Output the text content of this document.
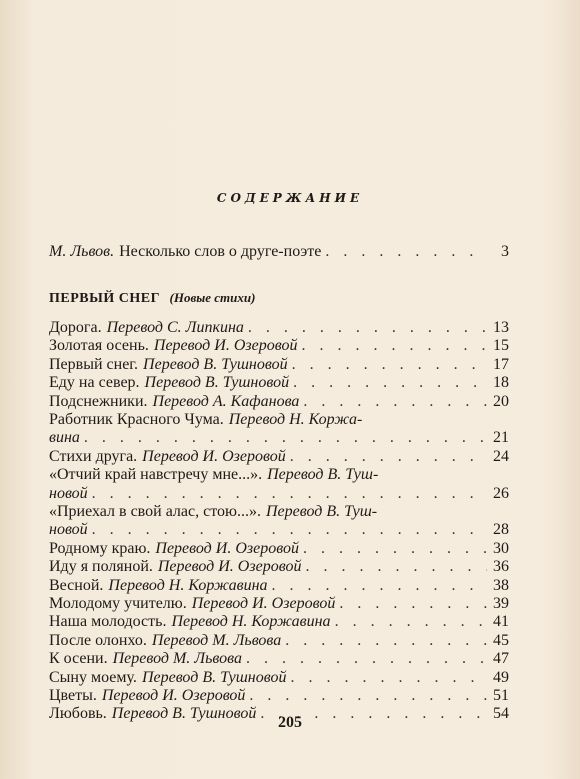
СОДЕРЖАНИЕ
М. Львов. Несколько слов о друге-поэте . . .	3
ПЕРВЫЙ СНЕГ (Новые стихи)
Дорога. Перевод С. Липкина . . .	13
Золотая осень. Перевод И. Озеровой . . .	15
Первый снег. Перевод В. Тушновой . . .	17
Еду на север. Перевод В. Тушновой . . .	18
Подснежники. Перевод А. Кафанова . . .	20
Работник Красного Чума. Перевод Н. Коржа-
вина . . .	21
Стихи друга. Перевод И. Озеровой . . .	24
«Отчий край навстречу мне...». Перевод В. Туш-
новой . . .	26
«Приехал в свой алас, стою...». Перевод В. Туш-
новой . . .	28
Родному краю. Перевод И. Озеровой . . .	30
Иду я поляной. Перевод И. Озеровой . . .	36
Весной. Перевод Н. Коржавина . . .	38
Молодому учителю. Перевод И. Озеровой . . .	39
Наша молодость. Перевод Н. Коржавина . . .	41
После олонхо. Перевод М. Львова . . .	45
К осени. Перевод М. Львова . . .	47
Сыну моему. Перевод В. Тушновой . . .	49
Цветы. Перевод И. Озеровой . . .	51
Любовь. Перевод В. Тушновой . . .	54
205
